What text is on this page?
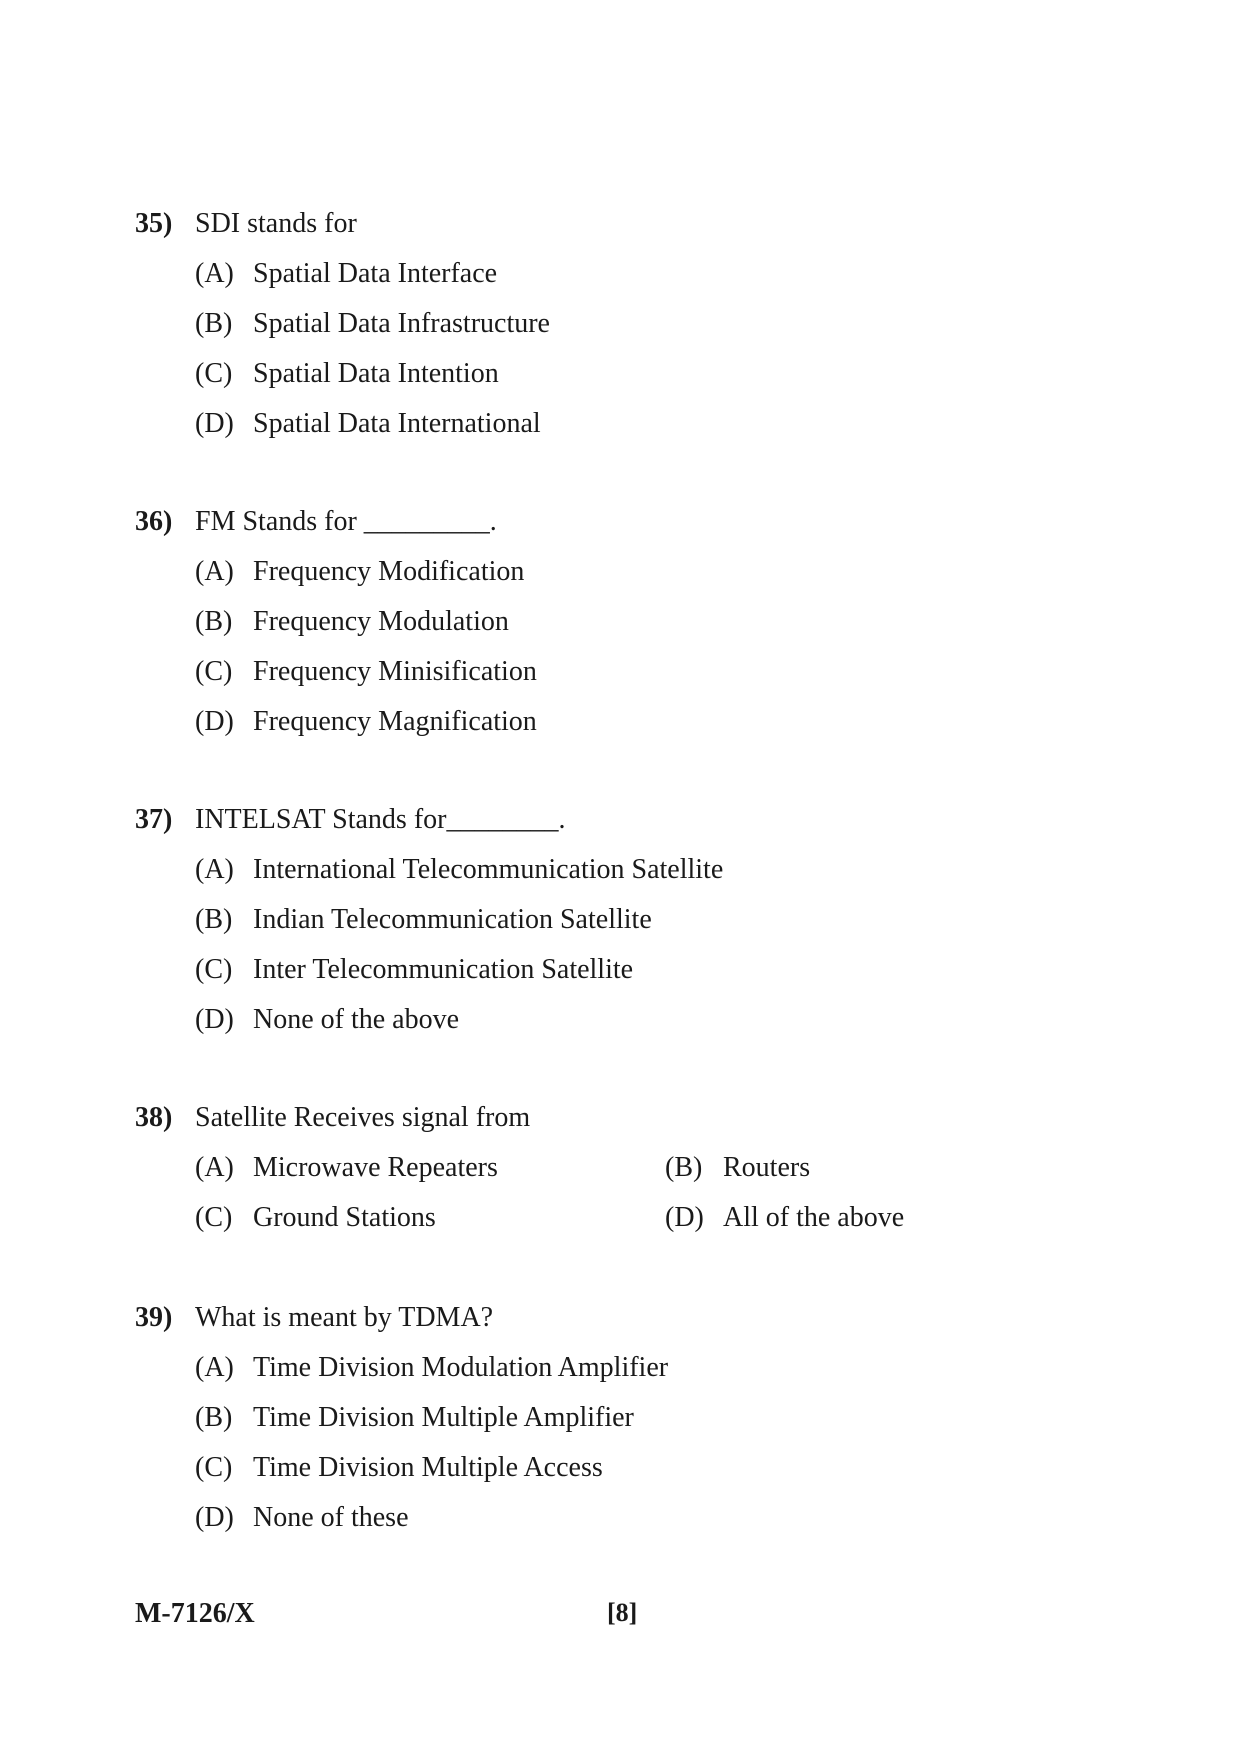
35) SDI stands for
(A) Spatial Data Interface
(B) Spatial Data Infrastructure
(C) Spatial Data Intention
(D) Spatial Data International
36) FM Stands for _________.
(A) Frequency Modification
(B) Frequency Modulation
(C) Frequency Minisification
(D) Frequency Magnification
37) INTELSAT Stands for________.
(A) International Telecommunication Satellite
(B) Indian Telecommunication Satellite
(C) Inter Telecommunication Satellite
(D) None of the above
38) Satellite Receives signal from
(A) Microwave Repeaters	(B) Routers
(C) Ground Stations	(D) All of the above
39) What is meant by TDMA?
(A) Time Division Modulation Amplifier
(B) Time Division Multiple Amplifier
(C) Time Division Multiple Access
(D) None of these
M-7126/X	[8]
